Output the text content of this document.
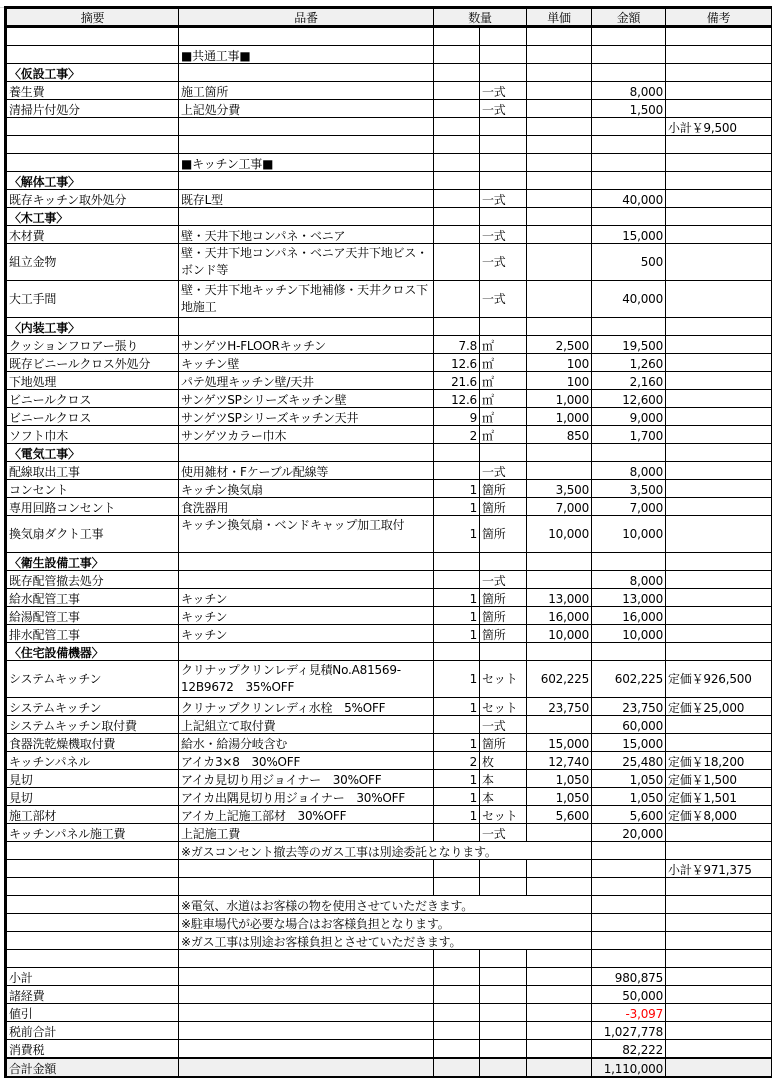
摘要	品番	数量		単価	金額	備考

	■共通工事■					
〈仮設工事〉						
養生費	施工箇所		一式		8,000	
清掃片付処分	上記処分費		一式		1,500	
						小計￥9,500

	■キッチン工事■					
〈解体工事〉						
既存キッチン取外処分	既存L型		一式		40,000	
〈木工事〉						
木材費	壁・天井下地コンパネ・ベニア		一式		15,000	
組立金物	壁・天井下地コンパネ・ベニア天井下地ビス・ボンド等		一式		500	
大工手間	壁・天井下地キッチン下地補修・天井クロス下地施工		一式		40,000	
〈内装工事〉						
クッションフロアー張り	サンゲツH-FLOORキッチン	7.8	㎡	2,500	19,500	
既存ビニールクロス外処分	キッチン壁	12.6	㎡	100	1,260	
下地処理	パテ処理キッチン壁/天井	21.6	㎡	100	2,160	
ビニールクロス	サンゲツSPシリーズキッチン壁	12.6	㎡	1,000	12,600	
ビニールクロス	サンゲツSPシリーズキッチン天井	9	㎡	1,000	9,000	
ソフト巾木	サンゲツカラー巾木	2	㎡	850	1,700	
〈電気工事〉						
配線取出工事	使用雑材・Fケーブル配線等		一式		8,000	
コンセント	キッチン換気扇	1	箇所	3,500	3,500	
専用回路コンセント	食洗器用	1	箇所	7,000	7,000	
換気扇ダクト工事	キッチン換気扇・ベンドキャップ加工取付	1	箇所	10,000	10,000	
〈衛生設備工事〉						
既存配管撤去処分			一式		8,000	
給水配管工事	キッチン	1	箇所	13,000	13,000	
給湯配管工事	キッチン	1	箇所	16,000	16,000	
排水配管工事	キッチン	1	箇所	10,000	10,000	
〈住宅設備機器〉						
システムキッチン	クリナップクリンレディ見積No.A81569-12B9672　35%OFF	1	セット	602,225	602,225	定価￥926,500
システムキッチン	クリナップクリンレディ水栓　5%OFF	1	セット	23,750	23,750	定価￥25,000
システムキッチン取付費	上記組立て取付費		一式		60,000	
食器洗乾燥機取付費	給水・給湯分岐含む	1	箇所	15,000	15,000	
キッチンパネル	アイカ3×8　30%OFF	2	枚	12,740	25,480	定価￥18,200
見切	アイカ見切り用ジョイナー　30%OFF	1	本	1,050	1,050	定価￥1,500
見切	アイカ出隅見切り用ジョイナー　30%OFF	1	本	1,050	1,050	定価￥1,501
施工部材	アイカ上記施工部材　30%OFF	1	セット	5,600	5,600	定価￥8,000
キッチンパネル施工費	上記施工費		一式		20,000	
	※ガスコンセント撤去等のガス工事は別途委託となります。					
						小計￥971,375

	※電気、水道はお客様の物を使用させていただきます。					
	※駐車場代が必要な場合はお客様負担となります。					
	※ガス工事は別途お客様負担とさせていただきます。					

小計					980,875	
諸経費					50,000	
値引					-3,097	
税前合計					1,027,778	
消費税					82,222	
合計金額					1,110,000	
